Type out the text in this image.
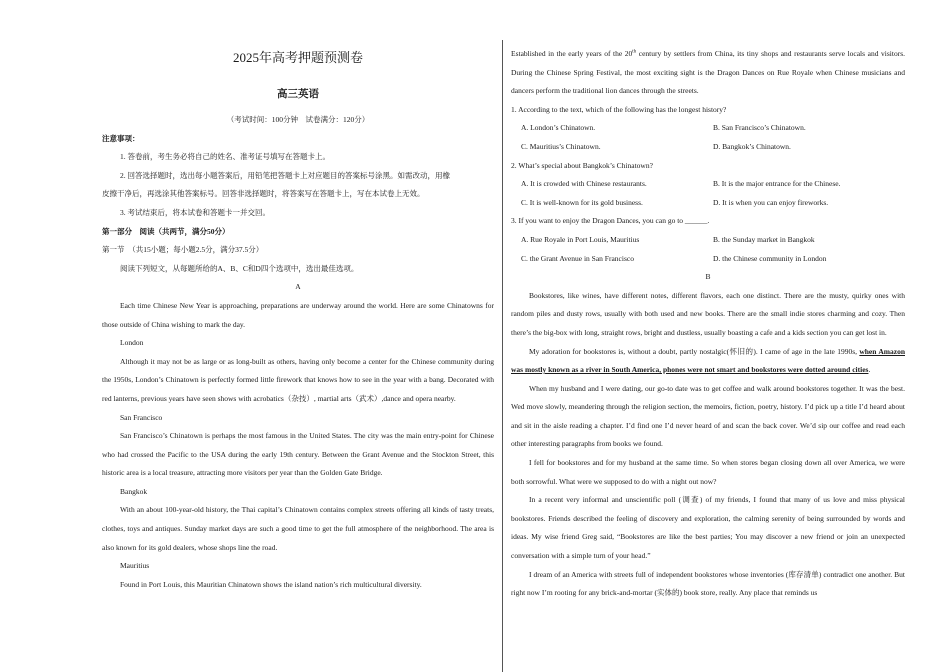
2025年高考押题预测卷

高三英语

（考试时间：100分钟　试卷满分：120分）

注意事项：

1. 答卷前，考生务必将自己的姓名、准考证号填写在答题卡上。

2. 回答选择题时，选出每小题答案后，用铅笔把答题卡上对应题目的答案标号涂黑。如需改动，用橡

皮擦干净后，再选涂其他答案标号。回答非选择题时，将答案写在答题卡上，写在本试卷上无效。

3. 考试结束后，将本试卷和答题卡一并交回。

第一部分　阅读（共两节，满分50分）

第一节　（共15小题；每小题2.5分，满分37.5分）

阅读下列短文，从每题所给的A、B、C和D四个选项中，选出最佳选项。

A

Each time Chinese New Year is approaching, preparations are underway around the world. Here are some Chinatowns for those outside of China wishing to mark the day.

London

Although it may not be as large or as long-built as others, having only become a center for the Chinese community during the 1950s, London’s Chinatown is perfectly formed little firework that knows how to see in the year with a bang. Decorated with red lanterns, previous years have seen shows with acrobatics（杂技）, martial arts（武术）,dance and opera nearby.

San Francisco

San Francisco’s Chinatown is perhaps the most famous in the United States. The city was the main entry-point for Chinese who had crossed the Pacific to the USA during the early 19th century. Between the Grant Avenue and the Stockton Street, this historic area is a local treasure, attracting more visitors per year than the Golden Gate Bridge.

Bangkok

With an about 100-year-old history, the Thai capital’s Chinatown contains complex streets offering all kinds of tasty treats, clothes, toys and antiques. Sunday market days are such a good time to get the full atmosphere of the neighborhood. The area is also known for its gold dealers, whose shops line the road.

Mauritius

Found in Port Louis, this Mauritian Chinatown shows the island nation’s rich multicultural diversity.

Established in the early years of the 20th century by settlers from China, its tiny shops and restaurants serve locals and visitors. During the Chinese Spring Festival, the most exciting sight is the Dragon Dances on Rue Royale when Chinese musicians and dancers perform the traditional lion dances through the streets.

1. According to the text, which of the following has the longest history?

A. London’s Chinatown.	B. San Francisco’s Chinatown.
C. Mauritius’s Chinatown.	D. Bangkok’s Chinatown.

2. What’s special about Bangkok’s Chinatown?

A. It is crowded with Chinese restaurants.	B. It is the major entrance for the Chinese.
C. It is well-known for its gold business.	D. It is when you can enjoy fireworks.

3. If you want to enjoy the Dragon Dances, you can go to ______.

A. Rue Royale in Port Louis, Mauritius	B. the Sunday market in Bangkok
C. the Grant Avenue in San Francisco	D. the Chinese community in London

B

Bookstores, like wines, have different notes, different flavors, each one distinct. There are the musty, quirky ones with random piles and dusty rows, usually with both used and new books. There are the small indie stores charming and cozy. Then there’s the big-box with long, straight rows, bright and dustless, usually boasting a cafe and a kids section you can get lost in.

My adoration for bookstores is, without a doubt, partly nostalgic(怀旧的). I came of age in the late 1990s, when Amazon was mostly known as a river in South America, phones were not smart and bookstores were dotted around cities.

When my husband and I were dating, our go-to date was to get coffee and walk around bookstores together. It was the best. Wed move slowly, meandering through the religion section, the memoirs, fiction, poetry, history. I’d pick up a title I’d heard about and sit in the aisle reading a chapter. I’d find one I’d never heard of and scan the back cover. We’d sip our coffee and read each other interesting paragraphs from books we found.

I fell for bookstores and for my husband at the same time. So when stores began closing down all over America, we were both sorrowful. What were we supposed to do with a night out now?

In a recent very informal and unscientific poll (调查) of my friends, I found that many of us love and miss physical bookstores. Friends described the feeling of discovery and exploration, the calming serenity of being surrounded by words and ideas. My wise friend Greg said, “Bookstores are like the best parties; You may discover a new friend or join an unexpected conversation with a simple turn of your head.”

I dream of an America with streets full of independent bookstores whose inventories (库存清单) contradict one another. But right now I’m rooting for any brick-and-mortar (实体的) book store, really. Any place that reminds us
